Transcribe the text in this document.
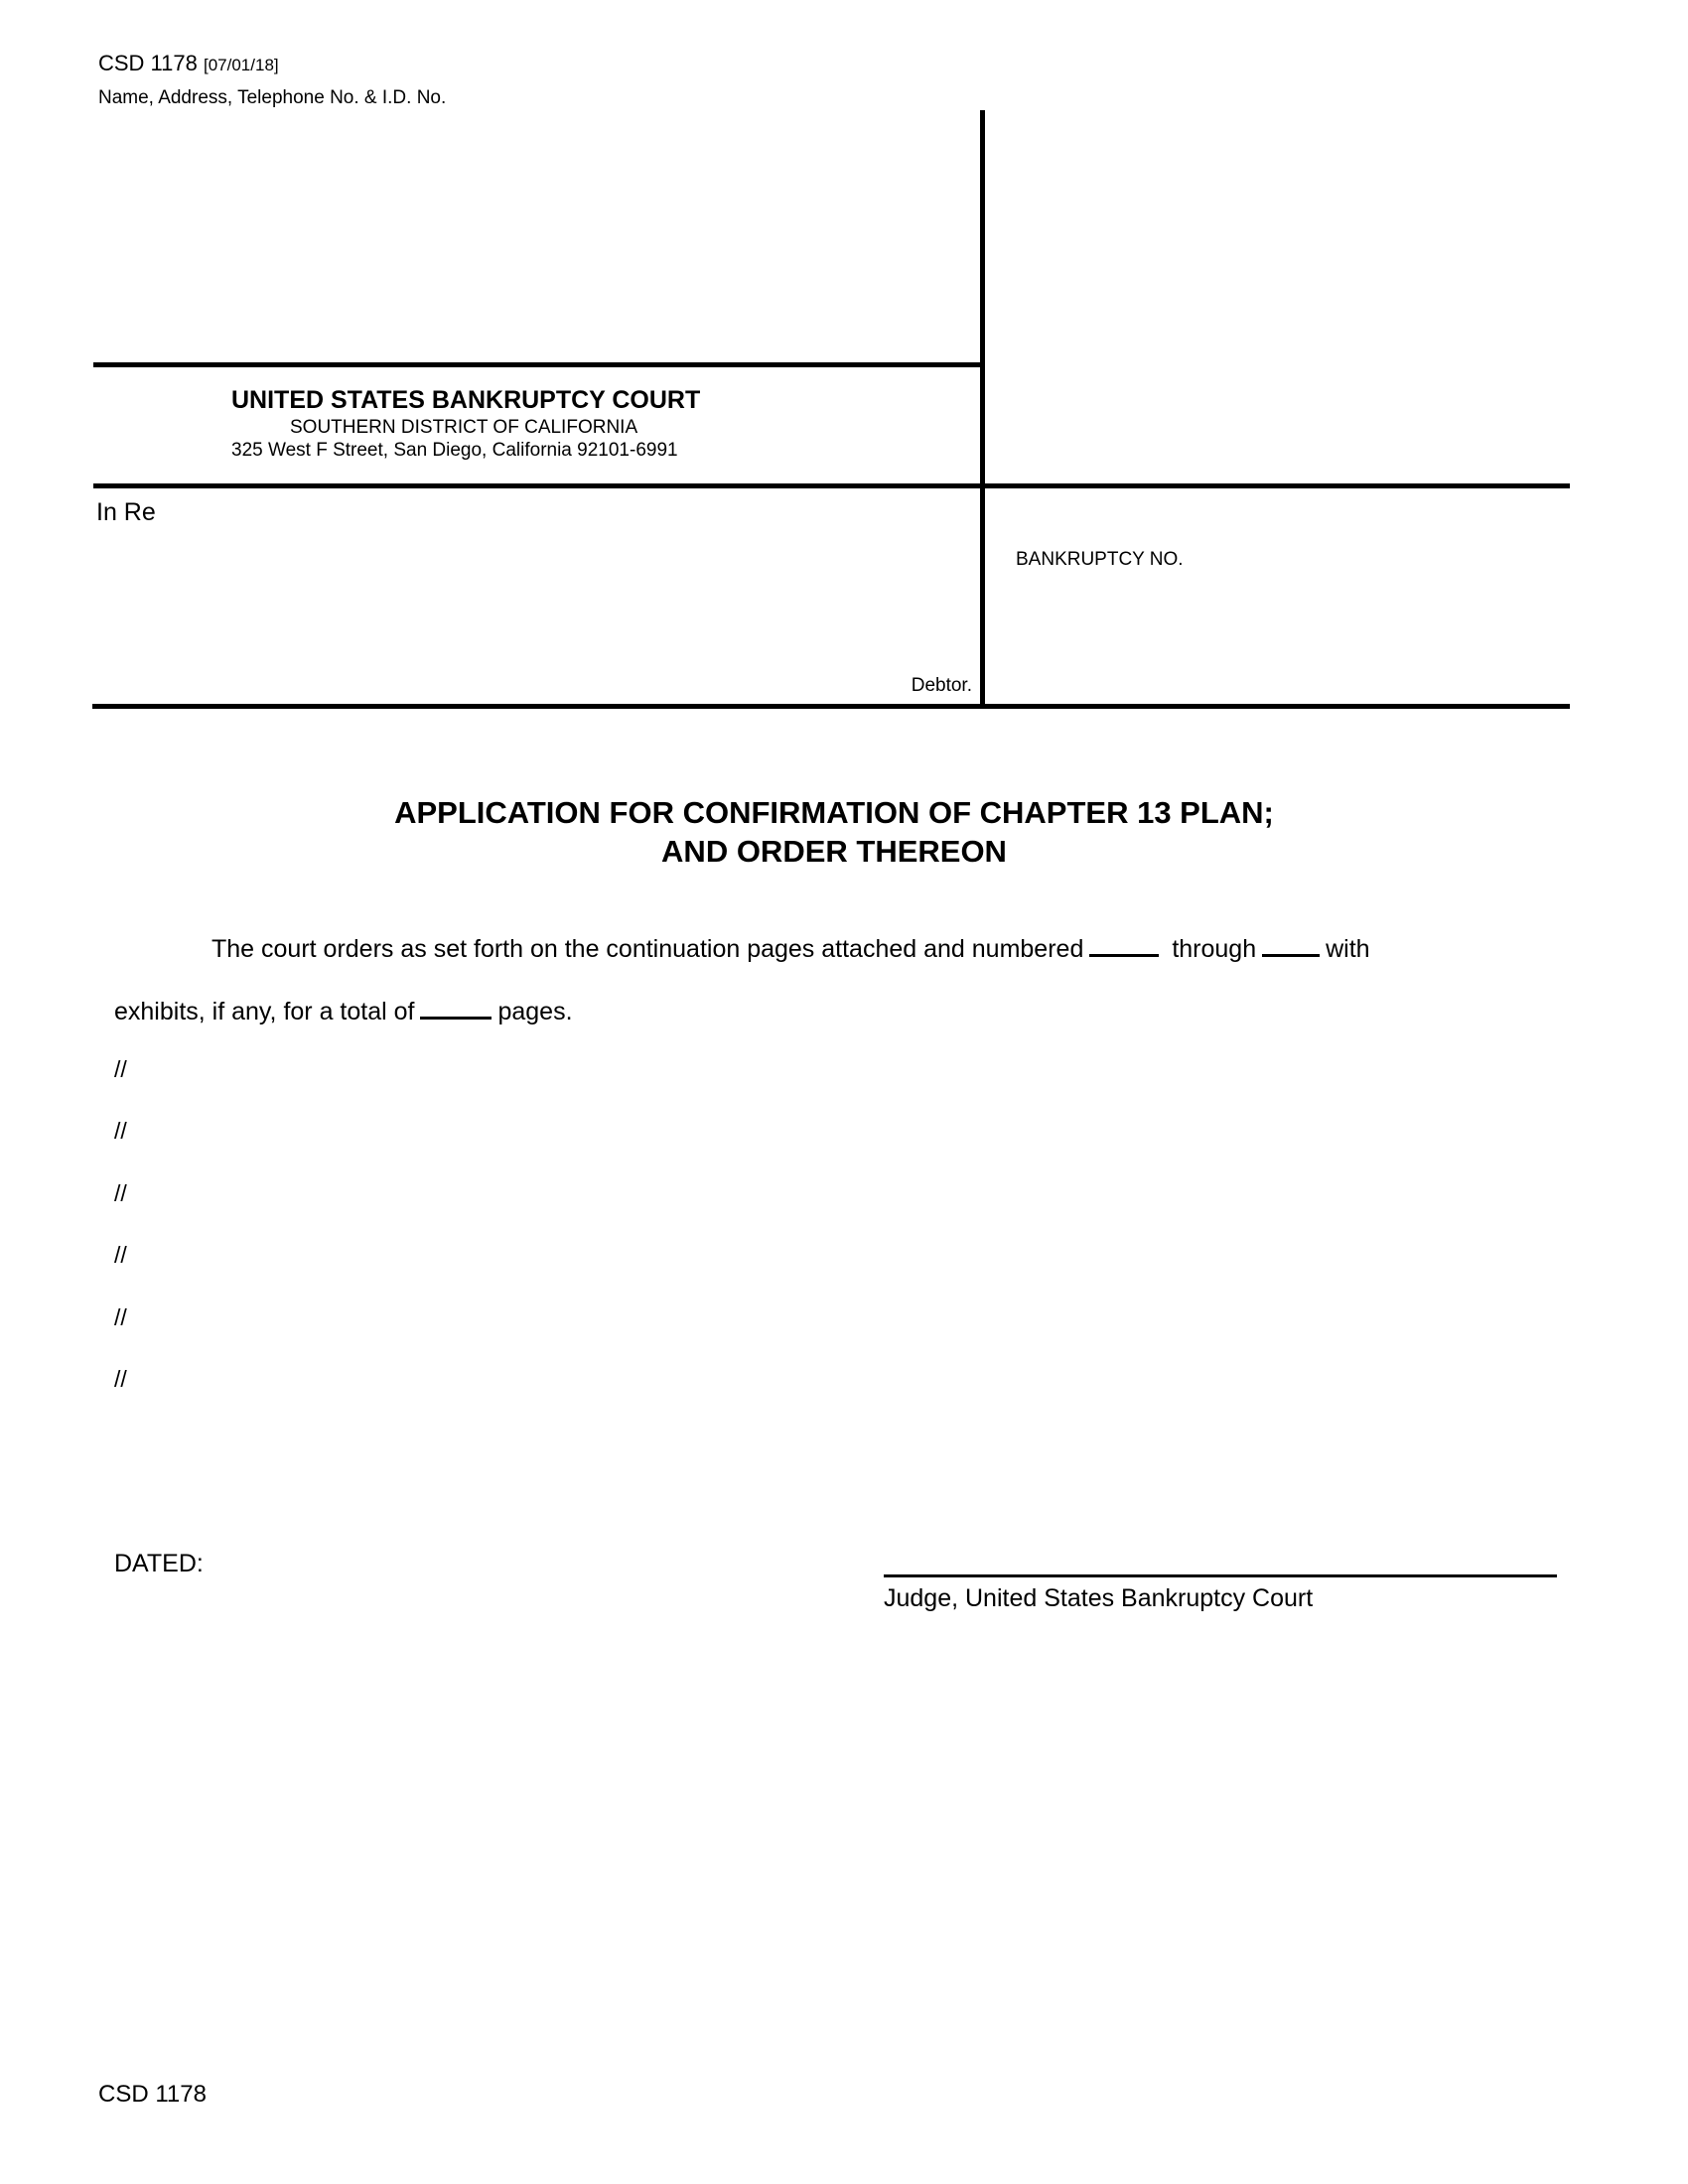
CSD 1178 [07/01/18]
Name, Address, Telephone No. & I.D. No.
UNITED STATES BANKRUPTCY COURT
SOUTHERN DISTRICT OF CALIFORNIA
325 West F Street, San Diego, California 92101-6991
In Re
Debtor.
BANKRUPTCY NO.
APPLICATION FOR CONFIRMATION OF CHAPTER 13 PLAN;
AND ORDER THEREON
The court orders as set forth on the continuation pages attached and numbered	through	with
exhibits, if any, for a total of	pages.
//
//
//
//
//
//
DATED:
Judge, United States Bankruptcy Court
CSD 1178
